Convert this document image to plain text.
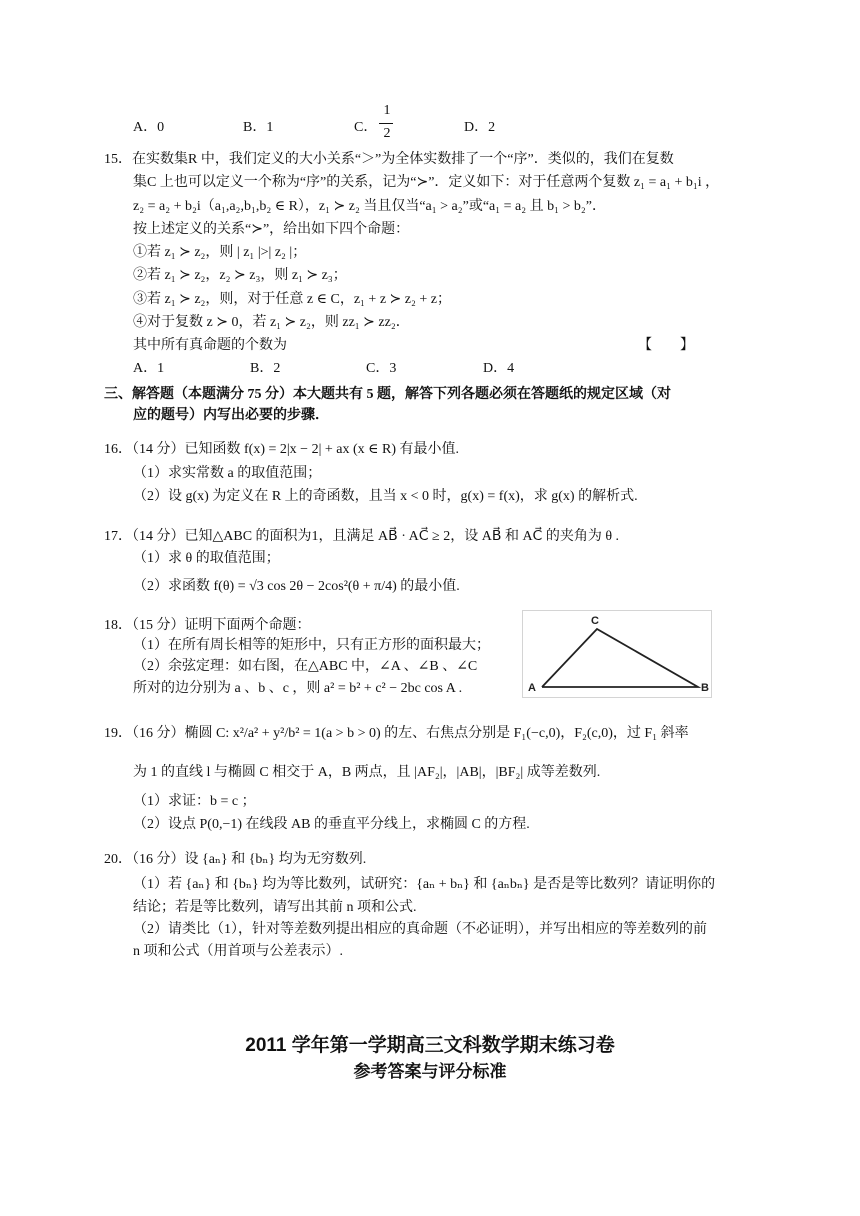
A．0	B．1	C．
1
2	D．2
15．在实数集R 中，我们定义的大小关系“＞”为全体实数排了一个“序”．类似的，我们在复数
集C 上也可以定义一个称为“序”的关系，记为“≻”．定义如下：对于任意两个复数 z₁ = a₁ + b₁i ，
z₂ = a₂ + b₂i（a₁,a₂,b₁,b₂ ∈ R），z₁ ≻ z₂ 当且仅当“a₁ > a₂”或“a₁ = a₂ 且 b₁ > b₂”．
按上述定义的关系“≻”，给出如下四个命题：
①若 z₁ ≻ z₂，则 | z₁ |>| z₂ |；
②若 z₁ ≻ z₂，z₂ ≻ z₃，则 z₁ ≻ z₃；
③若 z₁ ≻ z₂，则，对于任意 z ∈ C，z₁ + z ≻ z₂ + z；
④对于复数 z ≻ 0，若 z₁ ≻ z₂，则 zz₁ ≻ zz₂．
其中所有真命题的个数为	【　　】
A．1	B．2	C．3	D．4
三、解答题（本题满分 75 分）本大题共有 5 题，解答下列各题必须在答题纸的规定区域（对
应的题号）内写出必要的步骤．
16．（14 分）已知函数 f(x) = 2|x − 2| + ax (x ∈ R) 有最小值.
（1）求实常数 a 的取值范围；
（2）设 g(x) 为定义在 R 上的奇函数，且当 x < 0 时，g(x) = f(x)，求 g(x) 的解析式.
17．（14 分）已知△ABC 的面积为1，且满足 AB⃗ · AC⃗ ≥ 2，设 AB⃗ 和 AC⃗ 的夹角为 θ .
（1）求 θ 的取值范围；
（2）求函数 f(θ) = √3 cos 2θ − 2cos²(θ + π/4) 的最小值.
18．（15 分）证明下面两个命题：
（1）在所有周长相等的矩形中，只有正方形的面积最大；
（2）余弦定理：如右图，在△ABC 中，∠A 、∠B 、∠C
所对的边分别为 a 、b 、c ，则 a² = b² + c² − 2bc cos A .	A	B
C
19．（16 分）椭圆 C: x²/a² + y²/b² = 1(a > b > 0) 的左、右焦点分别是 F₁(−c,0)，F₂(c,0)，过 F₁ 斜率
为 1 的直线 l 与椭圆 C 相交于 A，B 两点，且 |AF₂|，|AB|，|BF₂| 成等差数列.
（1）求证：b = c ；
（2）设点 P(0,−1) 在线段 AB 的垂直平分线上，求椭圆 C 的方程.
20．（16 分）设 {aₙ} 和 {bₙ} 均为无穷数列.
（1）若 {aₙ} 和 {bₙ} 均为等比数列，试研究：{aₙ + bₙ} 和 {aₙbₙ} 是否是等比数列？请证明你的
结论；若是等比数列，请写出其前 n 项和公式.
（2）请类比（1），针对等差数列提出相应的真命题（不必证明），并写出相应的等差数列的前
n 项和公式（用首项与公差表示）.
2011 学年第一学期高三文科数学期末练习卷
参考答案与评分标准
